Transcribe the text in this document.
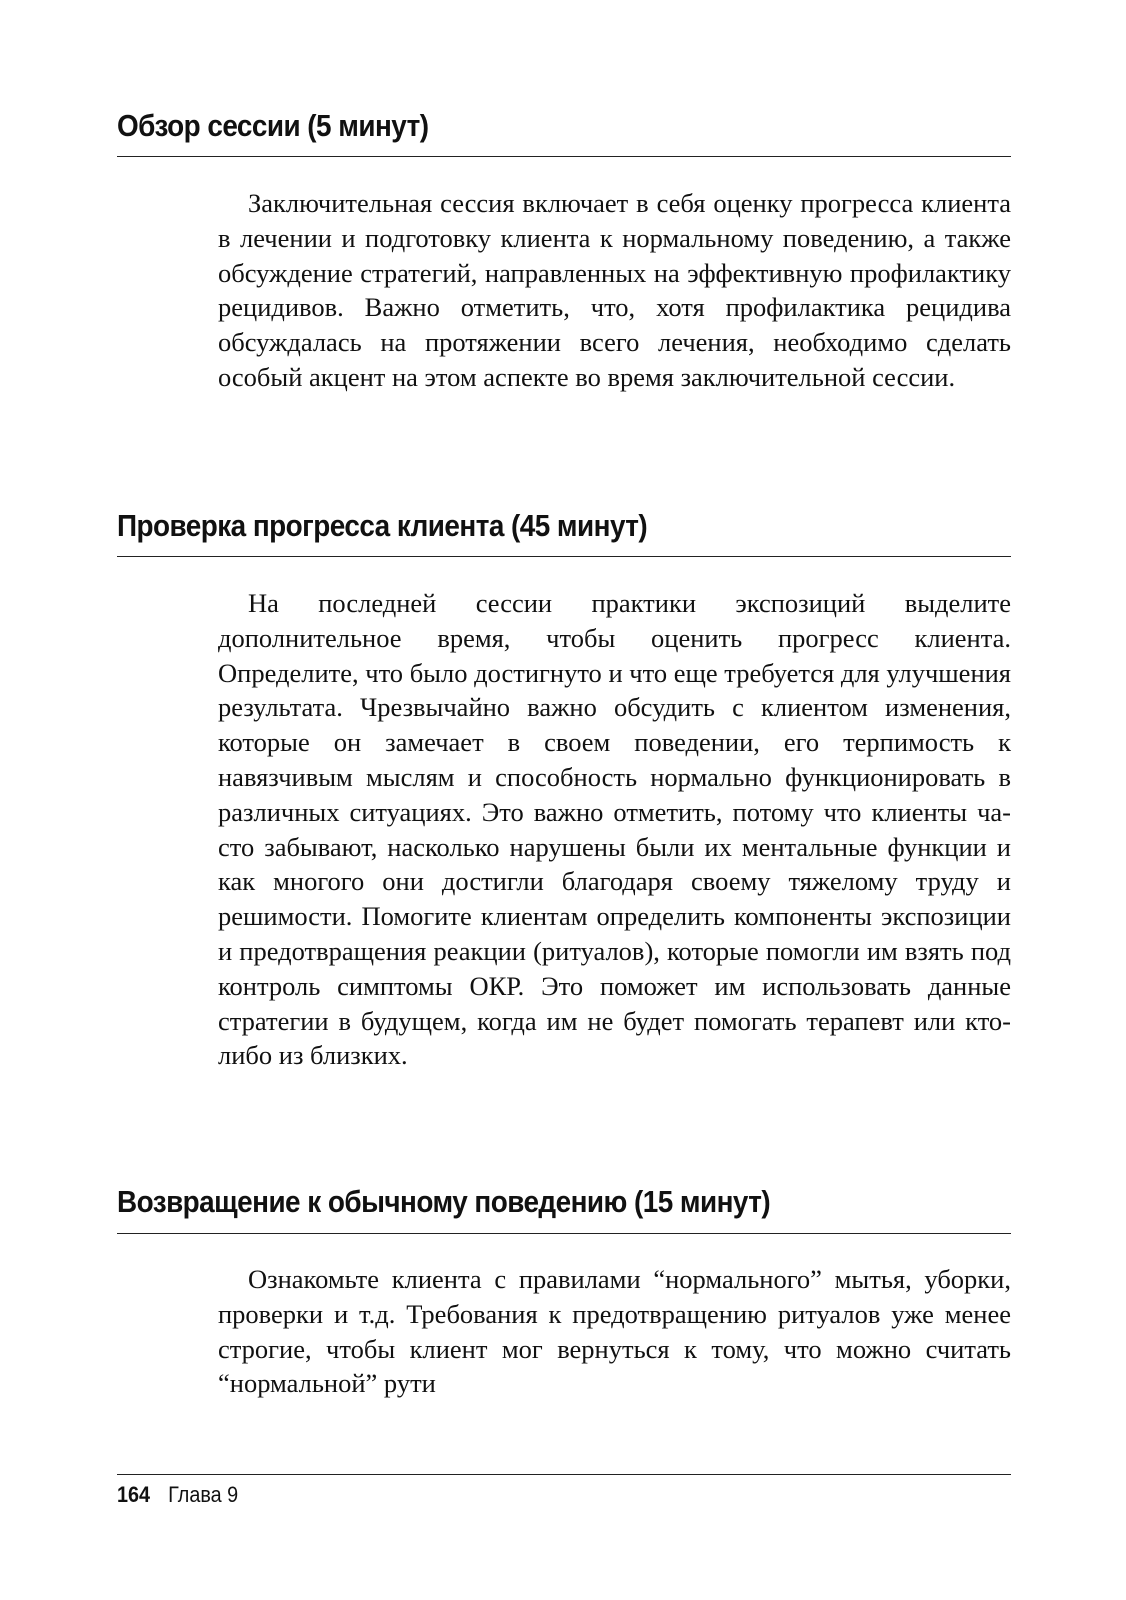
Обзор сессии (5 минут)

Заключительная сессия включает в себя оценку прогресса клиента в лечении и подготовку клиента к нормальному поведению, а также обсуждение стратегий, направленных на эффективную профилактику рецидивов. Важно отметить, что, хотя профилактика рецидива обсуждалась на протяжении всего лечения, необходимо сделать особый акцент на этом аспекте во время заключительной сессии.

Проверка прогресса клиента (45 минут)

На последней сессии практики экспозиций выделите дополнительное время, чтобы оценить прогресс клиента. Определите, что было достигнуто и что еще требуется для улучшения результата. Чрезвычайно важно обсудить с клиентом изменения, которые он замечает в своем поведении, его терпимость к навязчивым мыслям и способность нормально функционировать в различных ситуациях. Это важно отметить, потому что клиенты часто забывают, насколько нарушены были их ментальные функции и как многого они достигли благодаря своему тяжелому труду и решимости. Помогите клиентам определить компоненты экспозиции и предотвращения реакции (ритуалов), которые помогли им взять под контроль симптомы ОКР. Это поможет им использовать данные стратегии в будущем, когда им не будет помогать терапевт или кто-либо из близких.

Возвращение к обычному поведению (15 минут)

Ознакомьте клиента с правилами “нормального” мытья, уборки, проверки и т.д. Требования к предотвращению ритуалов уже менее строгие, чтобы клиент мог вернуться к тому, что можно считать “нормальной” рути

164 Глава 9
